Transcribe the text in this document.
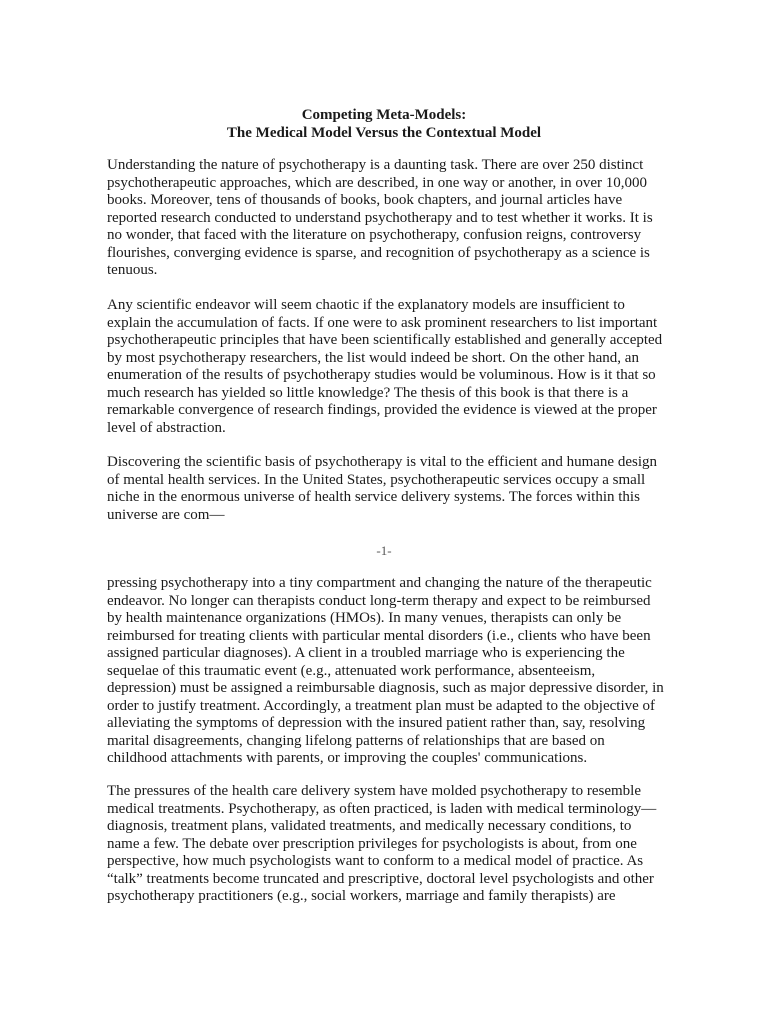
Competing Meta-Models:
The Medical Model Versus the Contextual Model

Understanding the nature of psychotherapy is a daunting task. There are over 250 distinct psychotherapeutic approaches, which are described, in one way or another, in over 10,000 books. Moreover, tens of thousands of books, book chapters, and journal articles have reported research conducted to understand psychotherapy and to test whether it works. It is no wonder, that faced with the literature on psychotherapy, confusion reigns, controversy flourishes, converging evidence is sparse, and recognition of psychotherapy as a science is tenuous.

Any scientific endeavor will seem chaotic if the explanatory models are insufficient to explain the accumulation of facts. If one were to ask prominent researchers to list important psychotherapeutic principles that have been scientifically established and generally accepted by most psychotherapy researchers, the list would indeed be short. On the other hand, an enumeration of the results of psychotherapy studies would be voluminous. How is it that so much research has yielded so little knowledge? The thesis of this book is that there is a remarkable convergence of research findings, provided the evidence is viewed at the proper level of abstraction.

Discovering the scientific basis of psychotherapy is vital to the efficient and humane design of mental health services. In the United States, psychotherapeutic services occupy a small niche in the enormous universe of health service delivery systems. The forces within this universe are com—

-1-

pressing psychotherapy into a tiny compartment and changing the nature of the therapeutic endeavor. No longer can therapists conduct long-term therapy and expect to be reimbursed by health maintenance organizations (HMOs). In many venues, therapists can only be reimbursed for treating clients with particular mental disorders (i.e., clients who have been assigned particular diagnoses). A client in a troubled marriage who is experiencing the sequelae of this traumatic event (e.g., attenuated work performance, absenteeism, depression) must be assigned a reimbursable diagnosis, such as major depressive disorder, in order to justify treatment. Accordingly, a treatment plan must be adapted to the objective of alleviating the symptoms of depression with the insured patient rather than, say, resolving marital disagreements, changing lifelong patterns of relationships that are based on childhood attachments with parents, or improving the couples' communications.

The pressures of the health care delivery system have molded psychotherapy to resemble medical treatments. Psychotherapy, as often practiced, is laden with medical terminology— diagnosis, treatment plans, validated treatments, and medically necessary conditions, to name a few. The debate over prescription privileges for psychologists is about, from one perspective, how much psychologists want to conform to a medical model of practice. As “talk” treatments become truncated and prescriptive, doctoral level psychologists and other psychotherapy practitioners (e.g., social workers, marriage and family therapists) are
